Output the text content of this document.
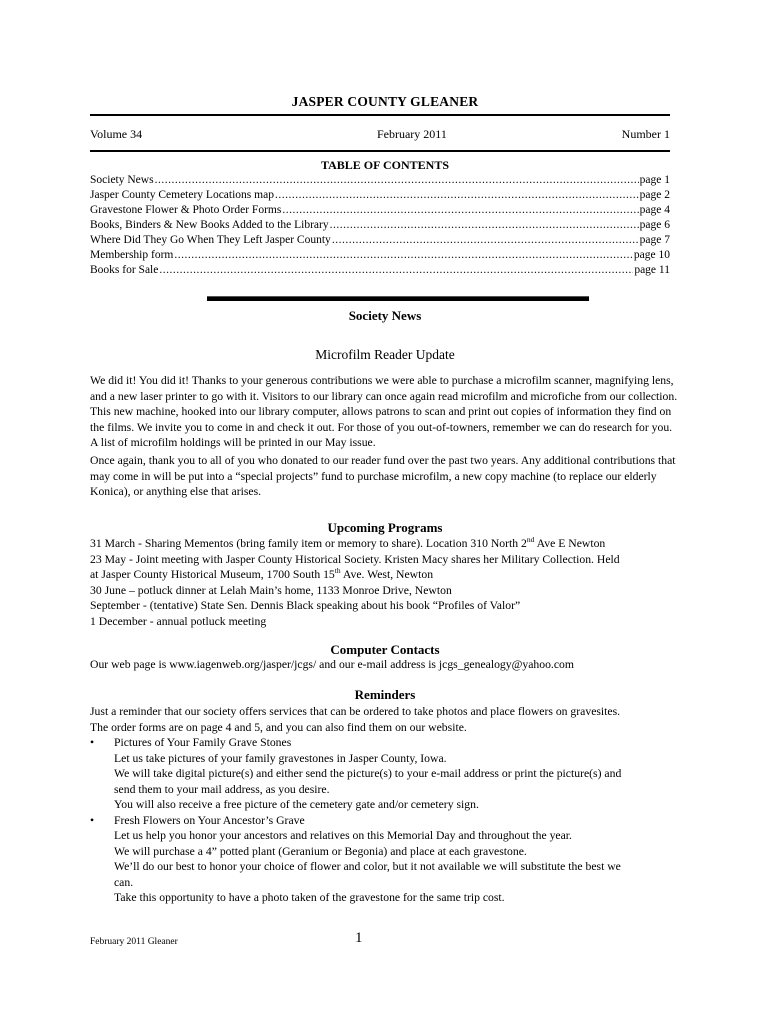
JASPER COUNTY GLEANER
Volume 34	February 2011	Number 1
TABLE OF CONTENTS
Society News .....	page 1
Jasper County Cemetery Locations map .....	page 2
Gravestone Flower & Photo Order Forms .....	page 4
Books, Binders & New Books Added to the Library .....	page 6
Where Did They Go When They Left Jasper County .....	page 7
Membership form .....	page 10
Books for Sale .....	page 11
Society News
Microfilm Reader Update
We did it! You did it! Thanks to your generous contributions we were able to purchase a microfilm scanner, magnifying lens, and a new laser printer to go with it. Visitors to our library can once again read microfilm and microfiche from our collection. This new machine, hooked into our library computer, allows patrons to scan and print out copies of information they find on the films. We invite you to come in and check it out. For those of you out-of-towners, remember we can do research for you. A list of microfilm holdings will be printed in our May issue.
Once again, thank you to all of you who donated to our reader fund over the past two years. Any additional contributions that may come in will be put into a “special projects” fund to purchase microfilm, a new copy machine (to replace our elderly Konica), or anything else that arises.
Upcoming Programs
31 March - Sharing Mementos (bring family item or memory to share). Location 310 North 2nd Ave E Newton
23 May - Joint meeting with Jasper County Historical Society. Kristen Macy shares her Military Collection. Held
at Jasper County Historical Museum, 1700 South 15th Ave. West, Newton
30 June – potluck dinner at Lelah Main’s home, 1133 Monroe Drive, Newton
September - (tentative) State Sen. Dennis Black speaking about his book “Profiles of Valor”
1 December - annual potluck meeting
Computer Contacts
Our web page is www.iagenweb.org/jasper/jcgs/ and our e-mail address is jcgs_genealogy@yahoo.com
Reminders
Just a reminder that our society offers services that can be ordered to take photos and place flowers on gravesites.
The order forms are on page 4 and 5, and you can also find them on our website.
•	Pictures of Your Family Grave Stones
Let us take pictures of your family gravestones in Jasper County, Iowa.
We will take digital picture(s) and either send the picture(s) to your e-mail address or print the picture(s) and
send them to your mail address, as you desire.
You will also receive a free picture of the cemetery gate and/or cemetery sign.
•	Fresh Flowers on Your Ancestor’s Grave
Let us help you honor your ancestors and relatives on this Memorial Day and throughout the year.
We will purchase a 4” potted plant (Geranium or Begonia) and place at each gravestone.
We’ll do our best to honor your choice of flower and color, but it not available we will substitute the best we
can.
Take this opportunity to have a photo taken of the gravestone for the same trip cost.
February 2011 Gleaner	1
